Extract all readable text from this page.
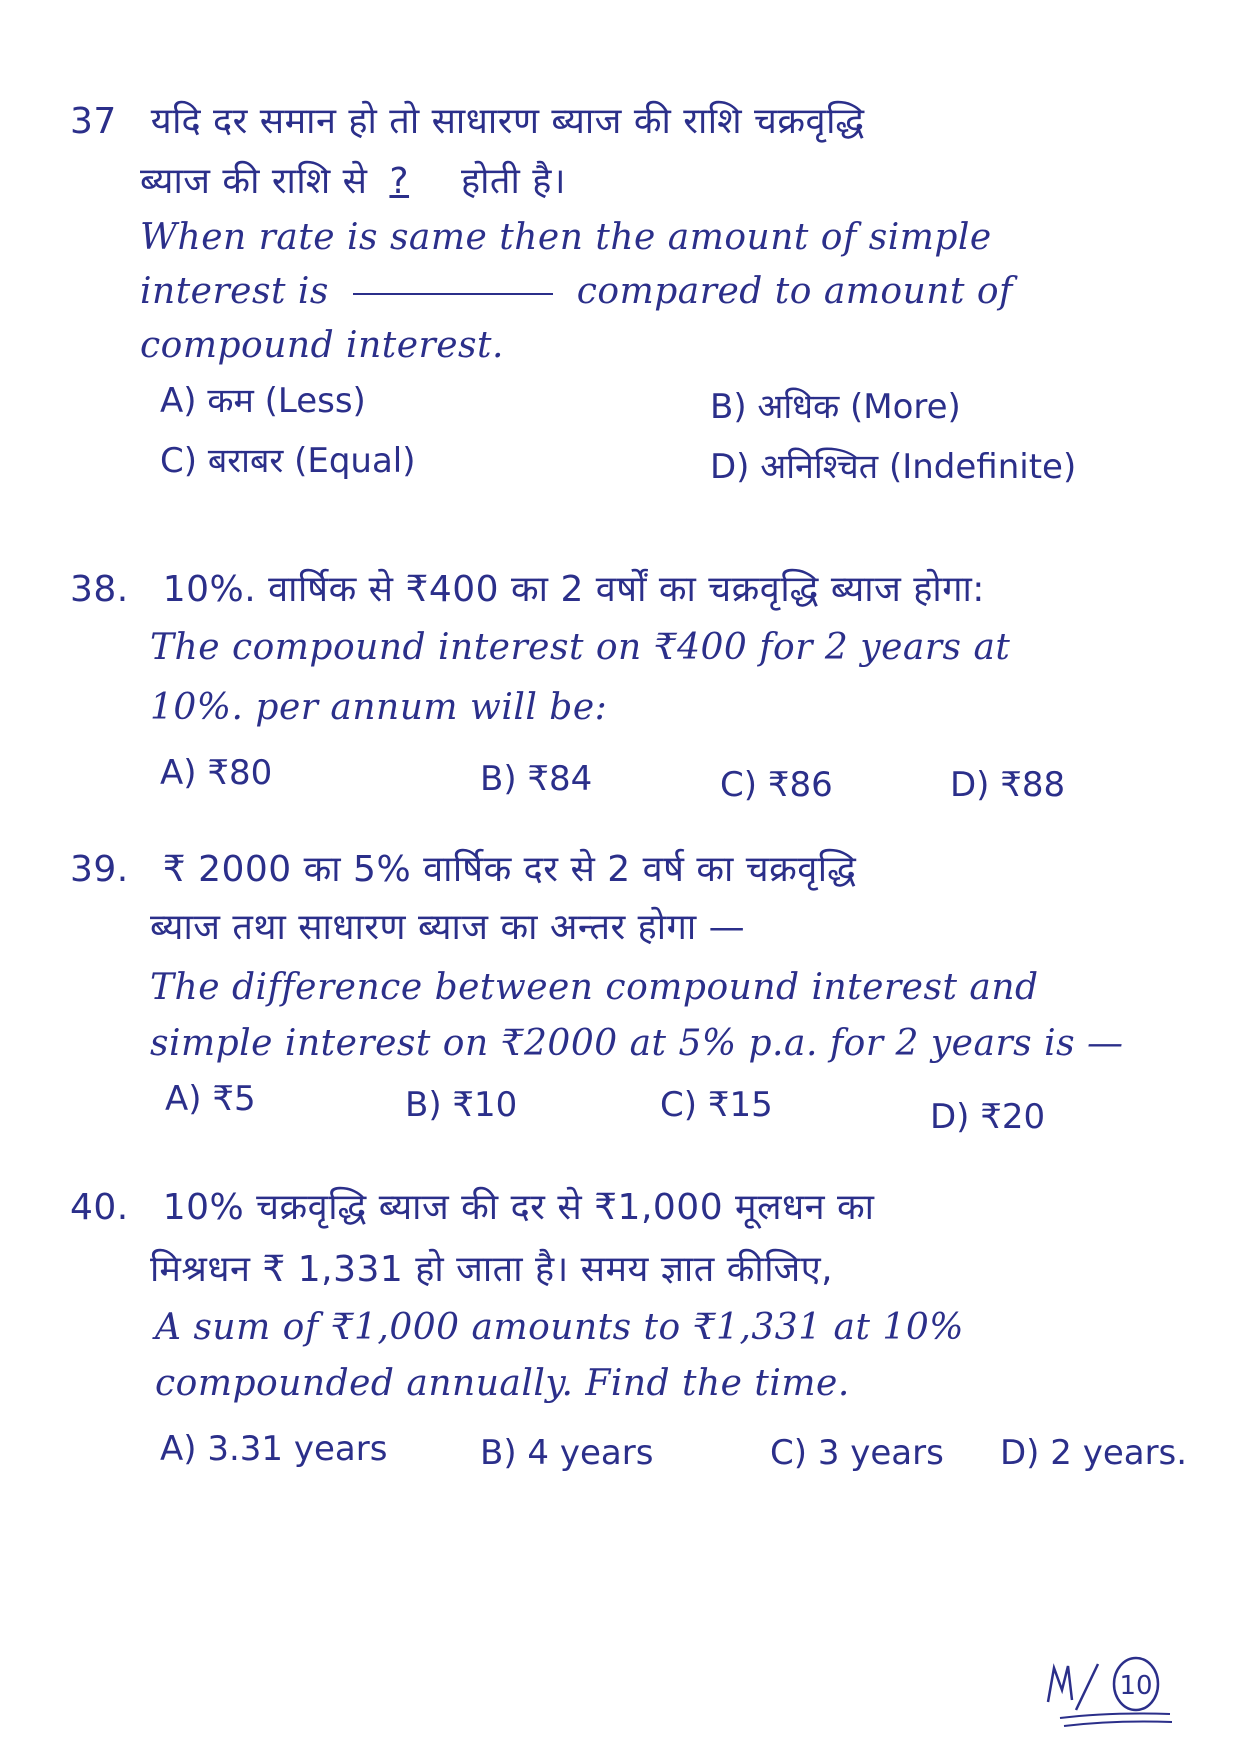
37 यदि दर समान हो तो साधारण ब्याज की राशि चक्रवृद्धि
ब्याज की राशि से ? होती है।
When rate is same then the amount of simple
interest is	compared to amount of
compound interest.
A) कम (Less)	B) अधिक (More)
C) बराबर (Equal)	D) अनिश्चित (Indefinite)
38. 10%. वार्षिक से ₹400 का 2 वर्षों का चक्रवृद्धि ब्याज होगा:
The compound interest on ₹400 for 2 years at
10%. per annum will be:
A) ₹80	B) ₹84	C) ₹86	D) ₹88
39. ₹ 2000 का 5% वार्षिक दर से 2 वर्ष का चक्रवृद्धि
ब्याज तथा साधारण ब्याज का अन्तर होगा —
The difference between compound interest and
simple interest on ₹2000 at 5% p.a. for 2 years is —
A) ₹5	B) ₹10	C) ₹15	D) ₹20
40. 10% चक्रवृद्धि ब्याज की दर से ₹1,000 मूलधन का
मिश्रधन ₹ 1,331 हो जाता है। समय ज्ञात कीजिए,
A sum of ₹1,000 amounts to ₹1,331 at 10%
compounded annually. Find the time.
A) 3.31 years	B) 4 years	C) 3 years D) 2 years.
10
